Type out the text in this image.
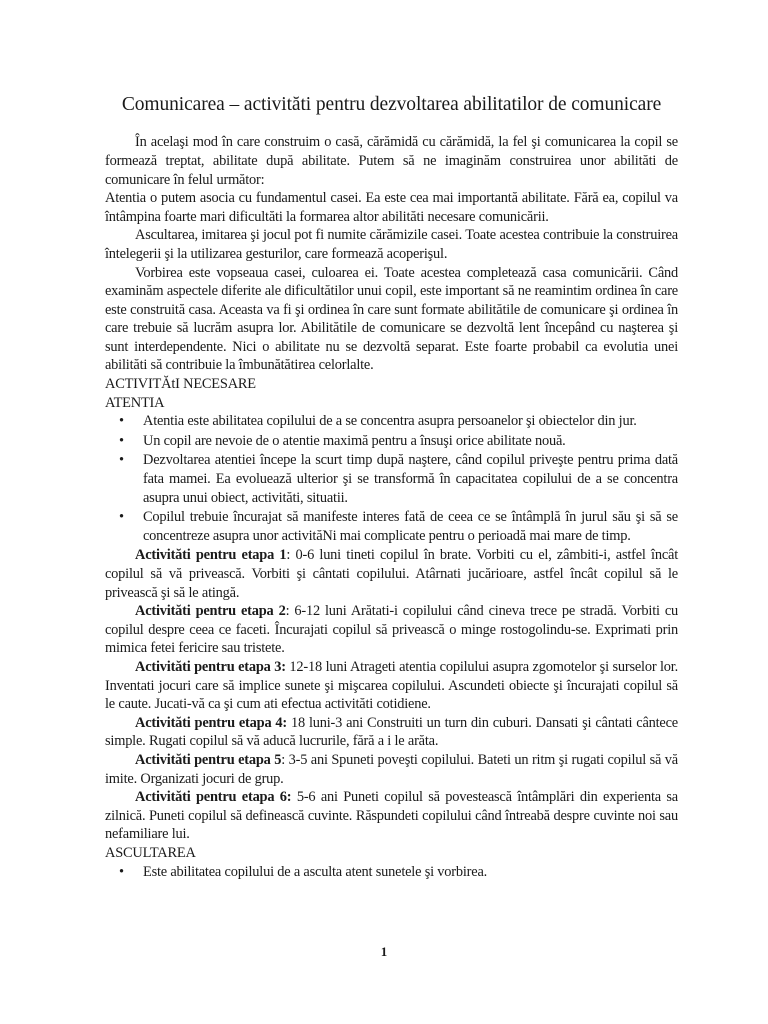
Comunicarea – activităti pentru dezvoltarea abilitatilor de comunicare

În acelaşi mod în care construim o casă, cărămidă cu cărămidă, la fel şi comunicarea la copil se formează treptat, abilitate după abilitate. Putem să ne imaginăm construirea unor abilităti de comunicare în felul următor:

Atentia o putem asocia cu fundamentul casei. Ea este cea mai importantă abilitate. Fără ea, copilul va întâmpina foarte mari dificultăti la formarea altor abilităti necesare comunicării.

Ascultarea, imitarea şi jocul pot fi numite cărămizile casei. Toate acestea contribuie la construirea întelegerii şi la utilizarea gesturilor, care formează acoperişul.

Vorbirea este vopseaua casei, culoarea ei. Toate acestea completează casa comunicării. Când examinăm aspectele diferite ale dificultătilor unui copil, este important să ne reamintim ordinea în care este construită casa. Aceasta va fi şi ordinea în care sunt formate abilitătile de comunicare şi ordinea în care trebuie să lucrăm asupra lor. Abilitătile de comunicare se dezvoltă lent începând cu naşterea şi sunt interdependente. Nici o abilitate nu se dezvoltă separat. Este foarte probabil ca evolutia unei abilităti să contribuie la îmbunătătirea celorlalte.

ACTIVITĂtI NECESARE

ATENTIA

• Atentia este abilitatea copilului de a se concentra asupra persoanelor şi obiectelor din jur.
• Un copil are nevoie de o atentie maximă pentru a însuşi orice abilitate nouă.
• Dezvoltarea atentiei începe la scurt timp după naştere, când copilul priveşte pentru prima dată fata mamei. Ea evoluează ulterior şi se transformă în capacitatea copilului de a se concentra asupra unui obiect, activităti, situatii.
• Copilul trebuie încurajat să manifeste interes fată de ceea ce se întâmplă în jurul său şi să se concentreze asupra unor activităNi mai complicate pentru o perioadă mai mare de timp.

Activităti pentru etapa 1: 0-6 luni tineti copilul în brate. Vorbiti cu el, zâmbiti-i, astfel încât copilul să vă privească. Vorbiti şi cântati copilului. Atârnati jucărioare, astfel încât copilul să le privească şi să le atingă.

Activităti pentru etapa 2: 6-12 luni Arătati-i copilului când cineva trece pe stradă. Vorbiti cu copilul despre ceea ce faceti. Încurajati copilul să privească o minge rostogolindu-se. Exprimati prin mimica fetei fericire sau tristete.

Activităti pentru etapa 3: 12-18 luni Atrageti atentia copilului asupra zgomotelor şi surselor lor. Inventati jocuri care să implice sunete şi mişcarea copilului. Ascundeti obiecte şi încurajati copilul să le caute. Jucati-vă ca şi cum ati efectua activităti cotidiene.

Activităti pentru etapa 4: 18 luni-3 ani Construiti un turn din cuburi. Dansati şi cântati cântece simple. Rugati copilul să vă aducă lucrurile, fără a i le arăta.

Activităti pentru etapa 5: 3-5 ani Spuneti poveşti copilului. Bateti un ritm şi rugati copilul să vă imite. Organizati jocuri de grup.

Activităti pentru etapa 6: 5-6 ani Puneti copilul să povestească întâmplări din experienta sa zilnică. Puneti copilul să definească cuvinte. Răspundeti copilului când întreabă despre cuvinte noi sau nefamiliare lui.

ASCULTAREA

• Este abilitatea copilului de a asculta atent sunetele şi vorbirea.
1
